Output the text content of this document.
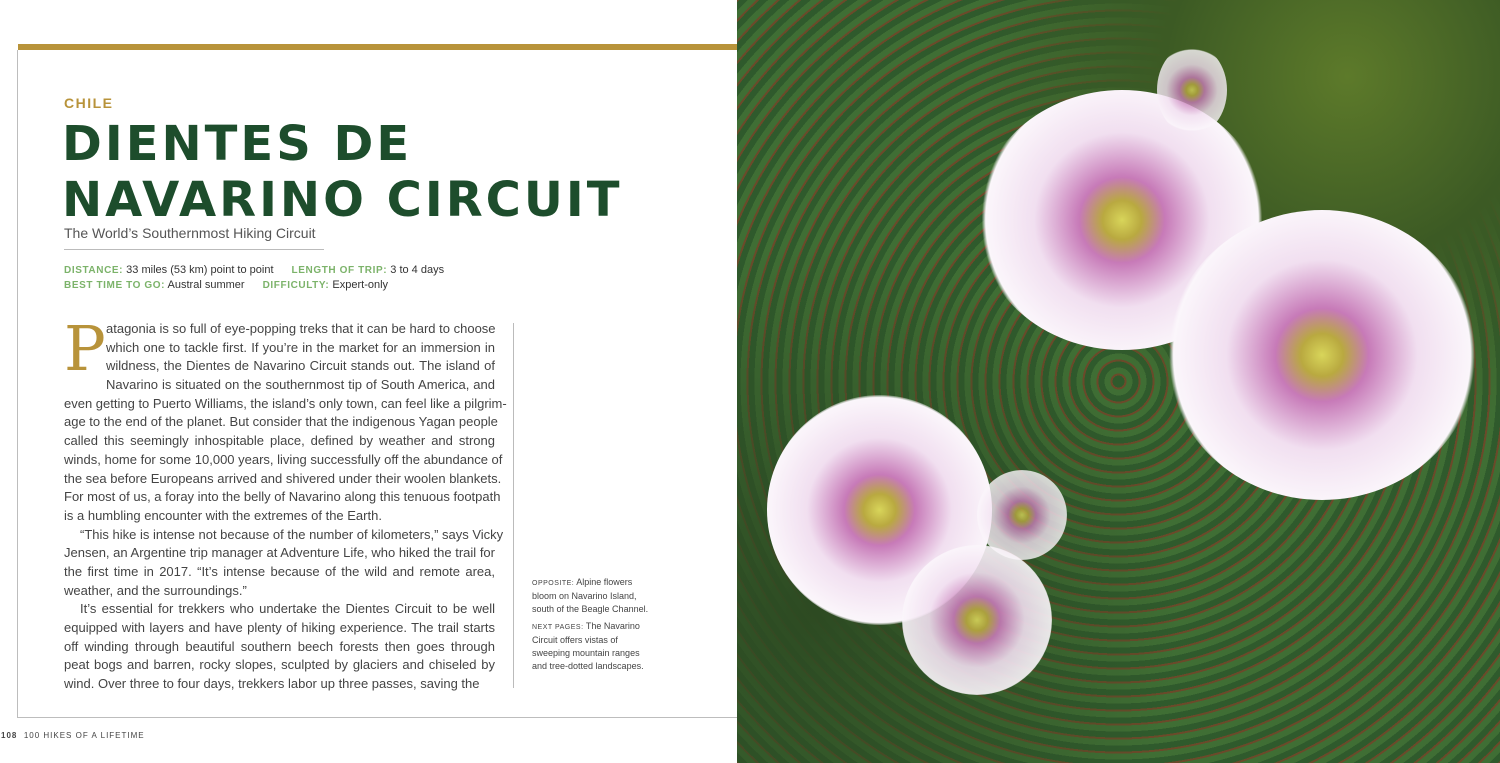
CHILE
DIENTES DE
NAVARINO CIRCUIT
The World’s Southernmost Hiking Circuit
DISTANCE: 33 miles (53 km) point to point LENGTH OF TRIP: 3 to 4 days
BEST TIME TO GO: Austral summer DIFFICULTY: Expert-only
P atagonia is so full of eye-popping treks that it can be hard to choose
which one to tackle first. If you’re in the market for an immersion in
wildness, the Dientes de Navarino Circuit stands out. The island of
Navarino is situated on the southernmost tip of South America, and
even getting to Puerto Williams, the island’s only town, can feel like a pilgrim-
age to the end of the planet. But consider that the indigenous Yagan people
called this seemingly inhospitable place, defined by weather and strong
winds, home for some 10,000 years, living successfully off the abundance of
the sea before Europeans arrived and shivered under their woolen blankets.
For most of us, a foray into the belly of Navarino along this tenuous footpath
is a humbling encounter with the extremes of the Earth.
“This hike is intense not because of the number of kilometers,” says Vicky
Jensen, an Argentine trip manager at Adventure Life, who hiked the trail for
the first time in 2017. “It’s intense because of the wild and remote area,
weather, and the surroundings.”
It’s essential for trekkers who undertake the Dientes Circuit to be well
equipped with layers and have plenty of hiking experience. The trail starts
off winding through beautiful southern beech forests then goes through
peat bogs and barren, rocky slopes, sculpted by glaciers and chiseled by
wind. Over three to four days, trekkers labor up three passes, saving the

OPPOSITE: Alpine flowers bloom on Navarino Island, south of the Beagle Channel.

NEXT PAGES: The Navarino Circuit offers vistas of sweeping mountain ranges and tree-dotted landscapes.

108 100 HIKES OF A LIFETIME
